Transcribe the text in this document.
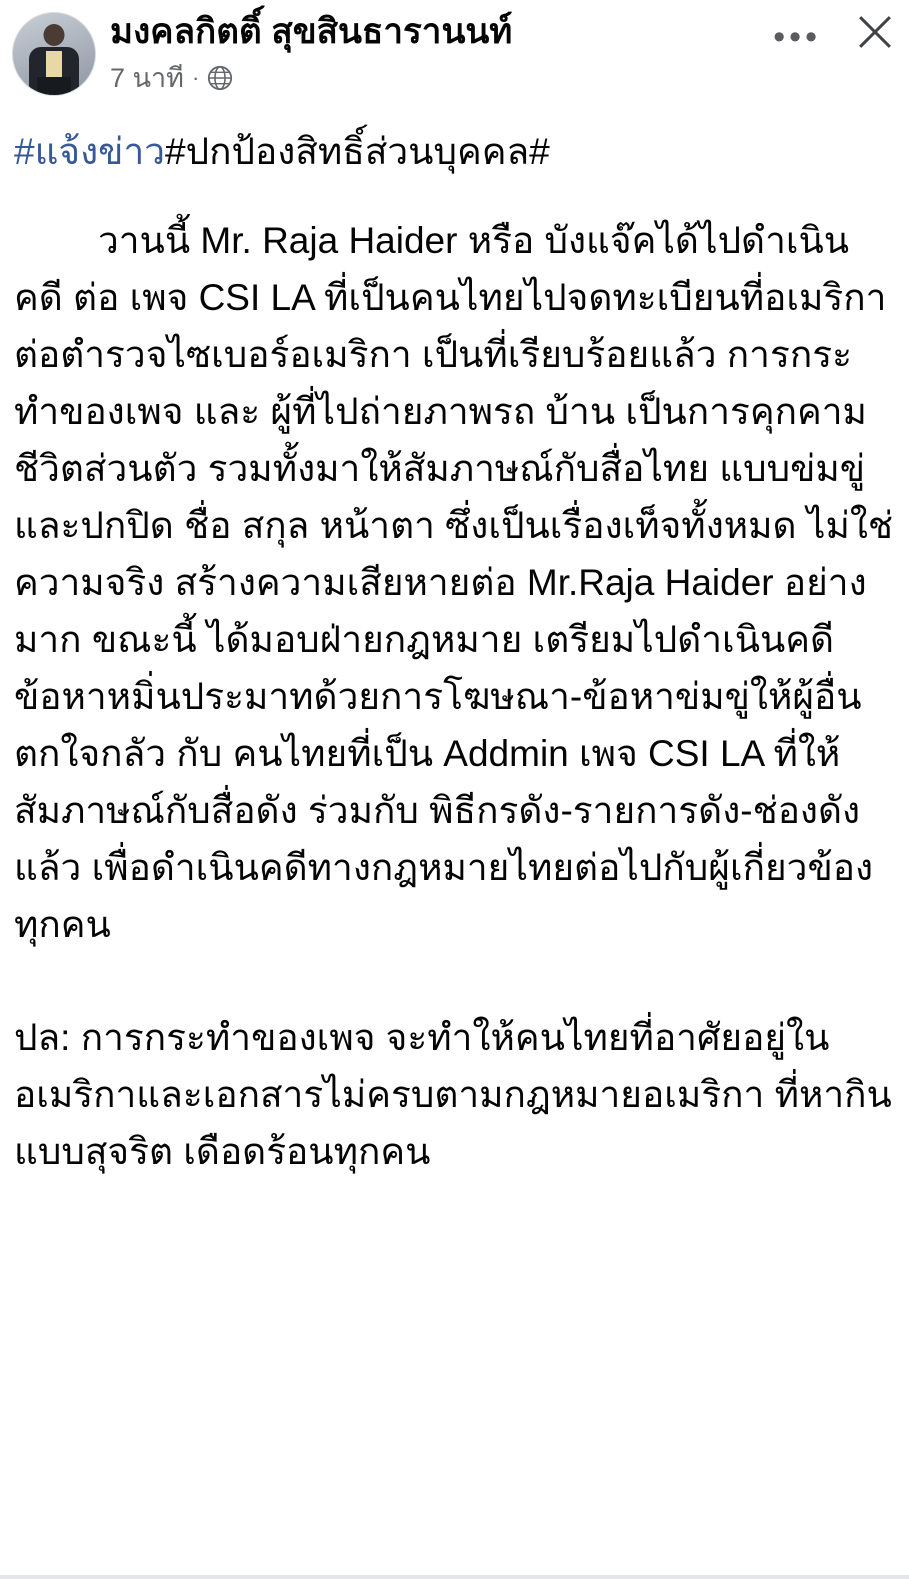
มงคลกิตติ์ สุขสินธารานนท์
7 นาที ·
•••
#แจ้งข่าว#ปกป้องสิทธิ์ส่วนบุคคล#

วานนี้ Mr. Raja Haider หรือ บังแจ๊คได้ไปดำเนินคดี ต่อ เพจ CSI LA ที่เป็นคนไทยไปจดทะเบียนที่อเมริกา ต่อตำรวจไซเบอร์อเมริกา เป็นที่เรียบร้อยแล้ว การกระทำของเพจ และ ผู้ที่ไปถ่ายภาพรถ บ้าน เป็นการคุกคามชีวิตส่วนตัว รวมทั้งมาให้สัมภาษณ์กับสื่อไทย แบบข่มขู่และปกปิด ชื่อ สกุล หน้าตา ซึ่งเป็นเรื่องเท็จทั้งหมด ไม่ใช่ความจริง สร้างความเสียหายต่อ Mr.Raja Haider อย่างมาก ขณะนี้ ได้มอบฝ่ายกฎหมาย เตรียมไปดำเนินคดี ข้อหาหมิ่นประมาทด้วยการโฆษณา-ข้อหาข่มขู่ให้ผู้อื่นตกใจกลัว กับ คนไทยที่เป็น Addmin เพจ CSI LA ที่ให้สัมภาษณ์กับสื่อดัง ร่วมกับ พิธีกรดัง-รายการดัง-ช่องดัง แล้ว เพื่อดำเนินคดีทางกฎหมายไทยต่อไปกับผู้เกี่ยวข้องทุกคน

ปล: การกระทำของเพจ จะทำให้คนไทยที่อาศัยอยู่ในอเมริกาและเอกสารไม่ครบตามกฎหมายอเมริกา ที่หากินแบบสุจริต เดือดร้อนทุกคน
